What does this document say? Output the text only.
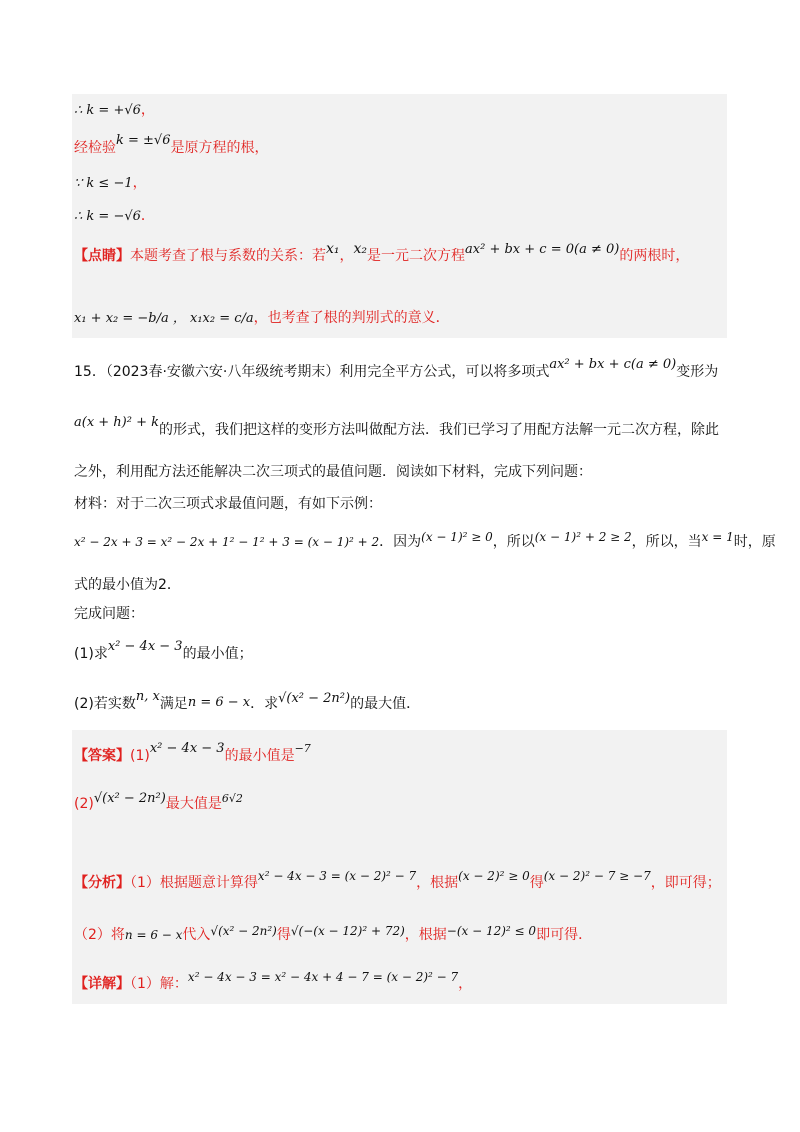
∴ k = +√6，
经检验k = ±√6是原方程的根，
∵ k ≤ −1，
∴ k = −√6．
【点睛】本题考查了根与系数的关系：若x₁，x₂是一元二次方程ax² + bx + c = 0(a ≠ 0)的两根时，
x₁ + x₂ = −b/a ， x₁x₂ = c/a，也考查了根的判别式的意义．
15．（2023春·安徽六安·八年级统考期末）利用完全平方公式，可以将多项式ax² + bx + c(a ≠ 0)变形为
a(x + h)² + k的形式，我们把这样的变形方法叫做配方法．我们已学习了用配方法解一元二次方程，除此
之外，利用配方法还能解决二次三项式的最值问题．阅读如下材料，完成下列问题：
材料：对于二次三项式求最值问题，有如下示例：
x² − 2x + 3 = x² − 2x + 1² − 1² + 3 = (x − 1)² + 2．因为(x − 1)² ≥ 0，所以(x − 1)² + 2 ≥ 2，所以，当x = 1时，原
式的最小值为2．
完成问题：
(1)求x² − 4x − 3的最小值；
(2)若实数n, x满足n = 6 − x．求√(x² − 2n²)的最大值．
【答案】(1)x² − 4x − 3的最小值是$^{-7}$
(2)√(x² − 2n²)最大值是$^{6√2}$
【分析】（1）根据题意计算得x² − 4x − 3 = (x − 2)² − 7，根据(x − 2)² ≥ 0得(x − 2)² − 7 ≥ −7，即可得；
（2）将n = 6 − x代入√(x² − 2n²)得√(−(x − 12)² + 72)，根据−(x − 12)² ≤ 0即可得．
【详解】（1）解：x² − 4x − 3 = x² − 4x + 4 − 7 = (x − 2)² − 7，
